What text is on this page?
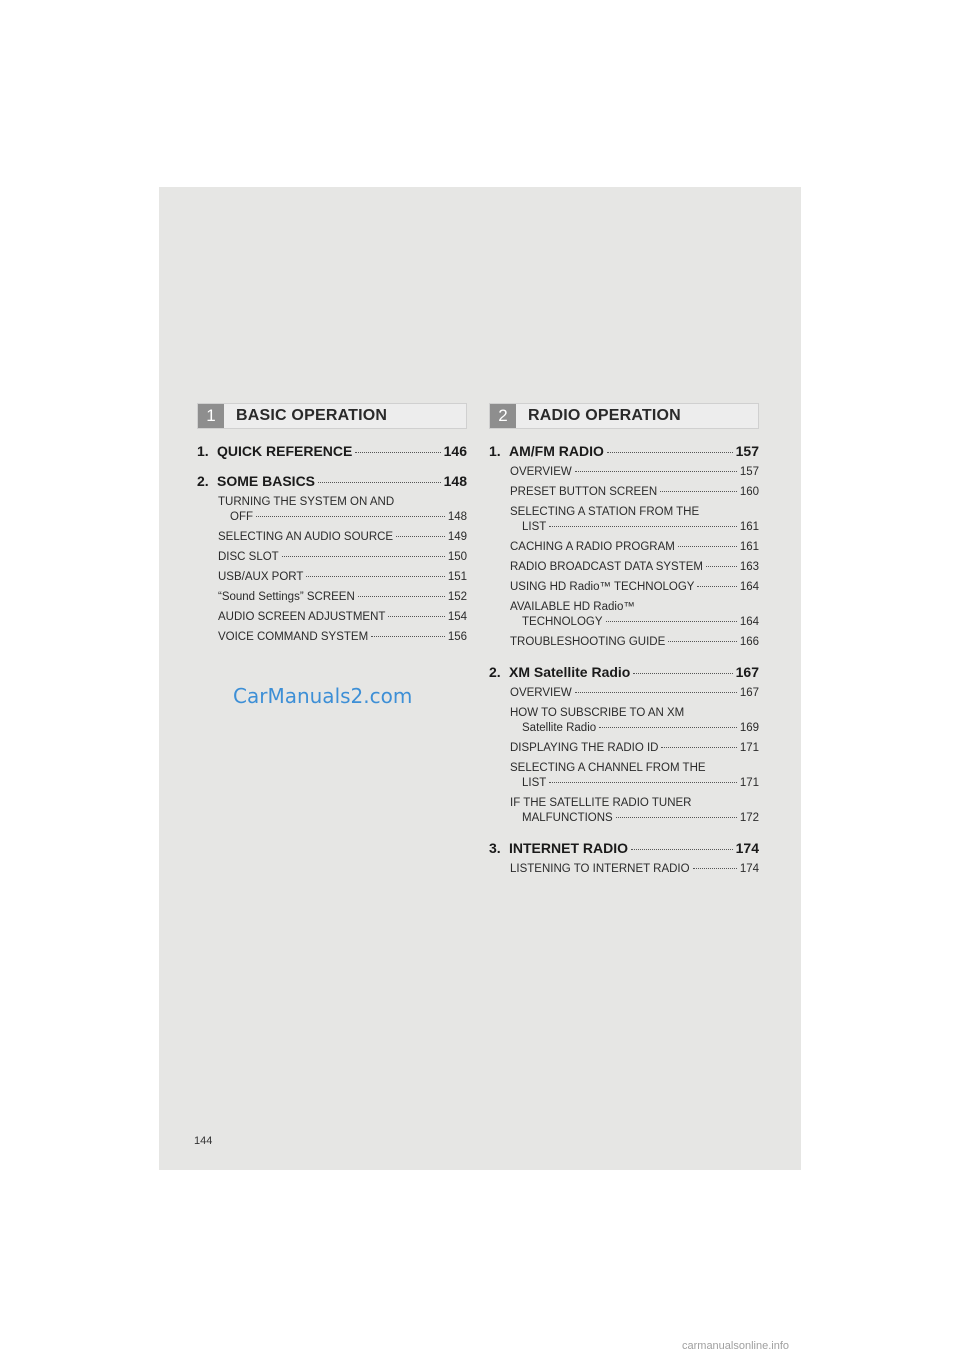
1	BASIC OPERATION
1. QUICK REFERENCE	146
2. SOME BASICS	148
TURNING THE SYSTEM ON AND
OFF	148
SELECTING AN AUDIO SOURCE	149
DISC SLOT	150
USB/AUX PORT	151
“Sound Settings” SCREEN	152
AUDIO SCREEN ADJUSTMENT	154
VOICE COMMAND SYSTEM	156
2	RADIO OPERATION
1. AM/FM RADIO	157
OVERVIEW	157
PRESET BUTTON SCREEN	160
SELECTING A STATION FROM THE
LIST	161
CACHING A RADIO PROGRAM	161
RADIO BROADCAST DATA SYSTEM	163
USING HD Radio™ TECHNOLOGY	164
AVAILABLE HD Radio™
TECHNOLOGY	164
TROUBLESHOOTING GUIDE	166
2. XM Satellite Radio	167
OVERVIEW	167
HOW TO SUBSCRIBE TO AN XM
Satellite Radio	169
DISPLAYING THE RADIO ID	171
SELECTING A CHANNEL FROM THE
LIST	171
IF THE SATELLITE RADIO TUNER
MALFUNCTIONS	172
3. INTERNET RADIO	174
LISTENING TO INTERNET RADIO	174
CarManuals2.com
144
carmanualsonline.info
